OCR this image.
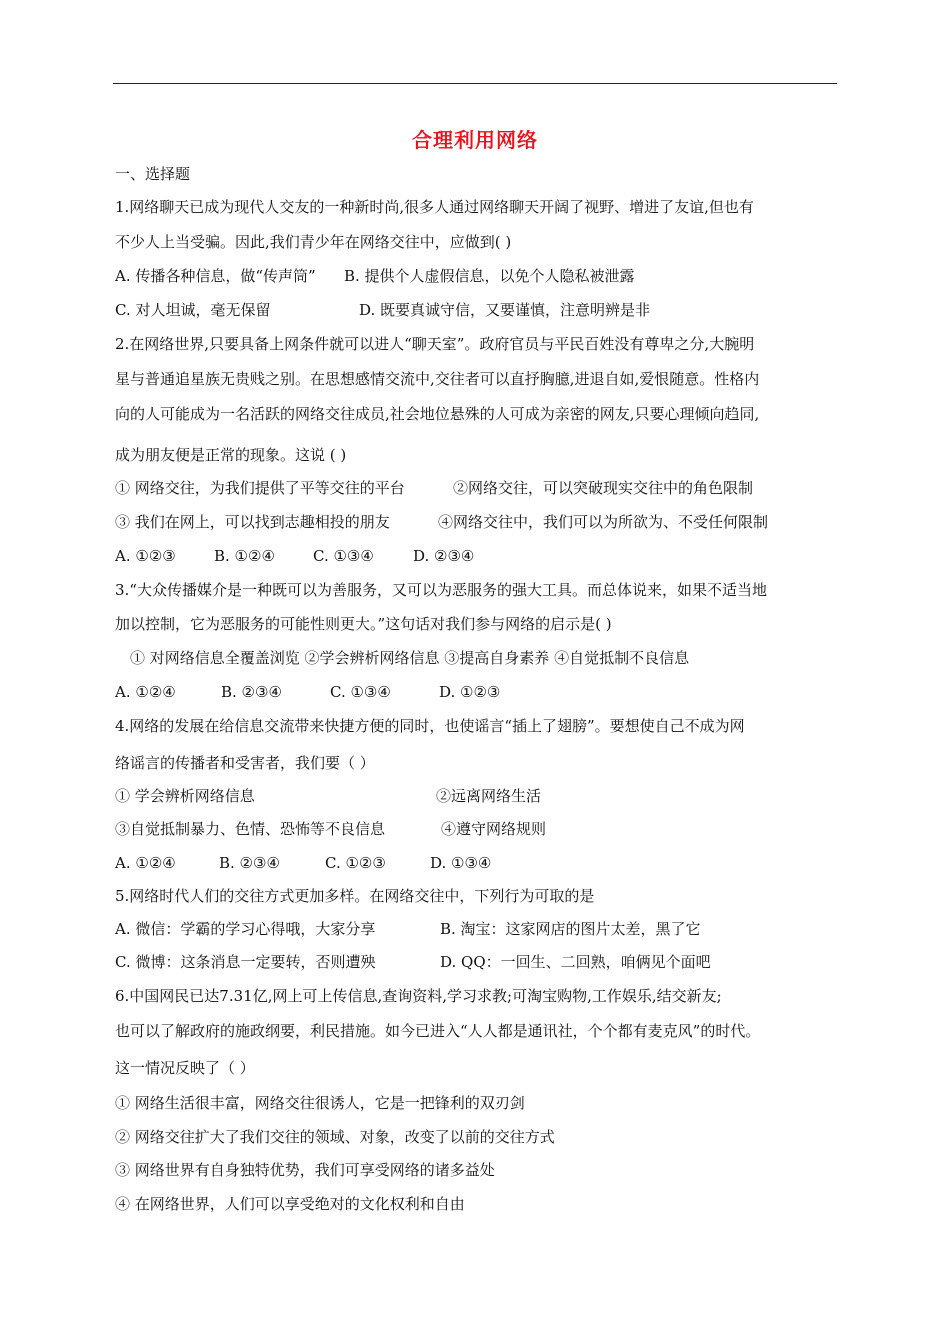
合理利用网络
一、选择题
1.网络聊天已成为现代人交友的一种新时尚,很多人通过网络聊天开阔了视野、增进了友谊,但也有
不少人上当受骗。因此,我们青少年在网络交往中，应做到( )
A. 传播各种信息，做“传声筒” B. 提供个人虚假信息，以免个人隐私被泄露
C. 对人坦诚，毫无保留	D. 既要真诚守信，又要谨慎，注意明辨是非
2.在网络世界,只要具备上网条件就可以进人“聊天室”。政府官员与平民百姓没有尊卑之分,大腕明
星与普通追星族无贵贱之别。在思想感情交流中,交往者可以直抒胸臆,进退自如,爱恨随意。性格内
向的人可能成为一名活跃的网络交往成员,社会地位悬殊的人可成为亲密的网友,只要心理倾向趋同,
成为朋友便是正常的现象。这说 ( )
① 网络交往，为我们提供了平等交往的平台	②网络交往，可以突破现实交往中的角色限制
③ 我们在网上，可以找到志趣相投的朋友	④网络交往中，我们可以为所欲为、不受任何限制
A. ①②③	B. ①②④	C. ①③④	D. ②③④
3.“大众传播媒介是一种既可以为善服务，又可以为恶服务的强大工具。而总体说来，如果不适当地
加以控制，它为恶服务的可能性则更大。”这句话对我们参与网络的启示是( )
① 对网络信息全覆盖浏览 ②学会辨析网络信息 ③提高自身素养 ④自觉抵制不良信息
A. ①②④	B. ②③④	C. ①③④	D. ①②③
4.网络的发展在给信息交流带来快捷方便的同时，也使谣言“插上了翅膀”。要想使自己不成为网
络谣言的传播者和受害者，我们要（ ）
① 学会辨析网络信息	②远离网络生活
③自觉抵制暴力、色情、恐怖等不良信息	④遵守网络规则
A. ①②④	B. ②③④	C. ①②③	D. ①③④
5.网络时代人们的交往方式更加多样。在网络交往中，下列行为可取的是
A. 微信：学霸的学习心得哦，大家分享	B. 淘宝：这家网店的图片太差，黑了它
C. 微博：这条消息一定要转，否则遭殃	D. QQ：一回生、二回熟，咱俩见个面吧
6.中国网民已达7.31亿,网上可上传信息,查询资料,学习求教;可淘宝购物,工作娱乐,结交新友;
也可以了解政府的施政纲要，利民措施。如今已进入“人人都是通讯社，个个都有麦克风”的时代。
这一情况反映了（ ）
① 网络生活很丰富，网络交往很诱人，它是一把锋利的双刃剑
② 网络交往扩大了我们交往的领域、对象，改变了以前的交往方式
③ 网络世界有自身独特优势，我们可享受网络的诸多益处
④ 在网络世界，人们可以享受绝对的文化权利和自由
